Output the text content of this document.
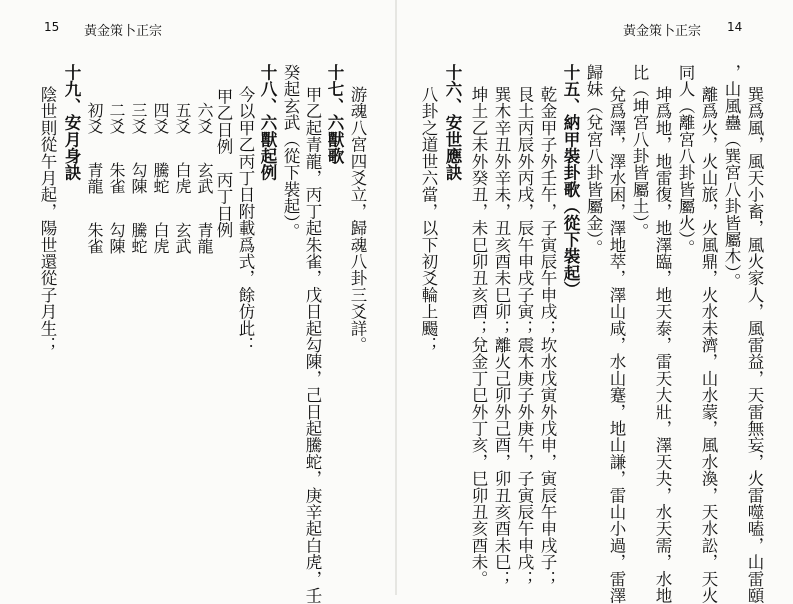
15 黃金策卜正宗
陰世則從午月起，陽世還從子月生； 十九、安月身訣 初爻
青龍
朱雀
二爻
朱雀
勾陳
三爻
勾陳
騰蛇
四爻
騰蛇
白虎
五爻
白虎
玄武
六爻
玄武
青龍 甲乙日例　丙丁日例 今以甲乙丙丁日附載爲式，餘仿此： 十八、六獸起例 癸起玄武（從下裝起）。 甲乙起青龍，丙丁起朱雀，戊日起勾陳，己日起騰蛇，庚辛起白虎，壬 十七、六獸歌 游魂八宮四爻立，歸魂八卦三爻詳。
黃金策卜正宗 14
八卦之道世六當，以下初爻輪上颺； 十六、安世應訣 坤土乙未外癸丑，未巳卯丑亥酉；兌金丁巳外丁亥，巳卯丑亥酉未。 巽木辛丑外辛未，丑亥酉未巳卯；離火己卯外己酉，卯丑亥酉未巳； 艮土丙辰外丙戌，辰午申戌子寅；震木庚子外庚午，子寅辰午申戌； 乾金甲子外壬午，子寅辰午申戌；坎水戊寅外戊申，寅辰午申戌子； 十五、納甲裝卦歌（從下裝起） 歸妹（兌宮八卦皆屬金）。 兌爲澤，澤水困，澤地萃，澤山咸，水山蹇，地山謙，雷山小過，雷澤 比（坤宮八卦皆屬土）。 坤爲地，地雷復，地澤臨，地天泰，雷天大壯，澤天夬，水天需，水地 同人（離宮八卦皆屬火）。 離爲火，火山旅，火風鼎，火水未濟，山水蒙，風水渙，天水訟，天火 ，山風蠱（巽宮八卦皆屬木）。 巽爲風，風天小畜，風火家人，風雷益，天雷無妄，火雷噬嗑，山雷頤
